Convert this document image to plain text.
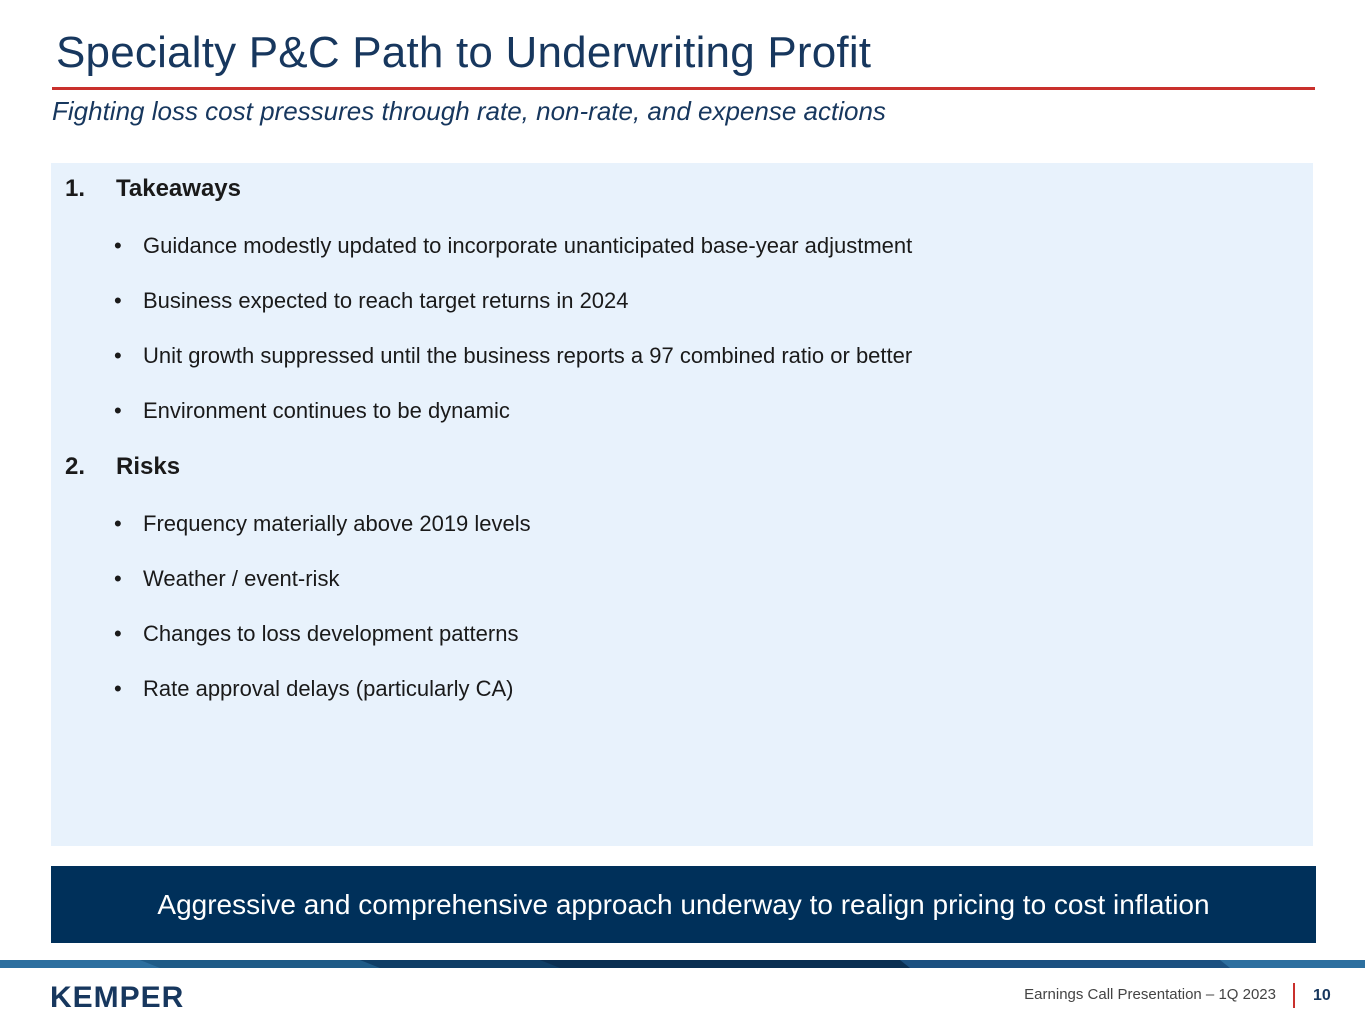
Specialty P&C Path to Underwriting Profit
Fighting loss cost pressures through rate, non-rate, and expense actions
1. Takeaways
• Guidance modestly updated to incorporate unanticipated base-year adjustment
• Business expected to reach target returns in 2024
• Unit growth suppressed until the business reports a 97 combined ratio or better
• Environment continues to be dynamic
2. Risks
• Frequency materially above 2019 levels
• Weather / event-risk
• Changes to loss development patterns
• Rate approval delays (particularly CA)
Aggressive and comprehensive approach underway to realign pricing to cost inflation
KEMPER	Earnings Call Presentation – 1Q 2023 10
